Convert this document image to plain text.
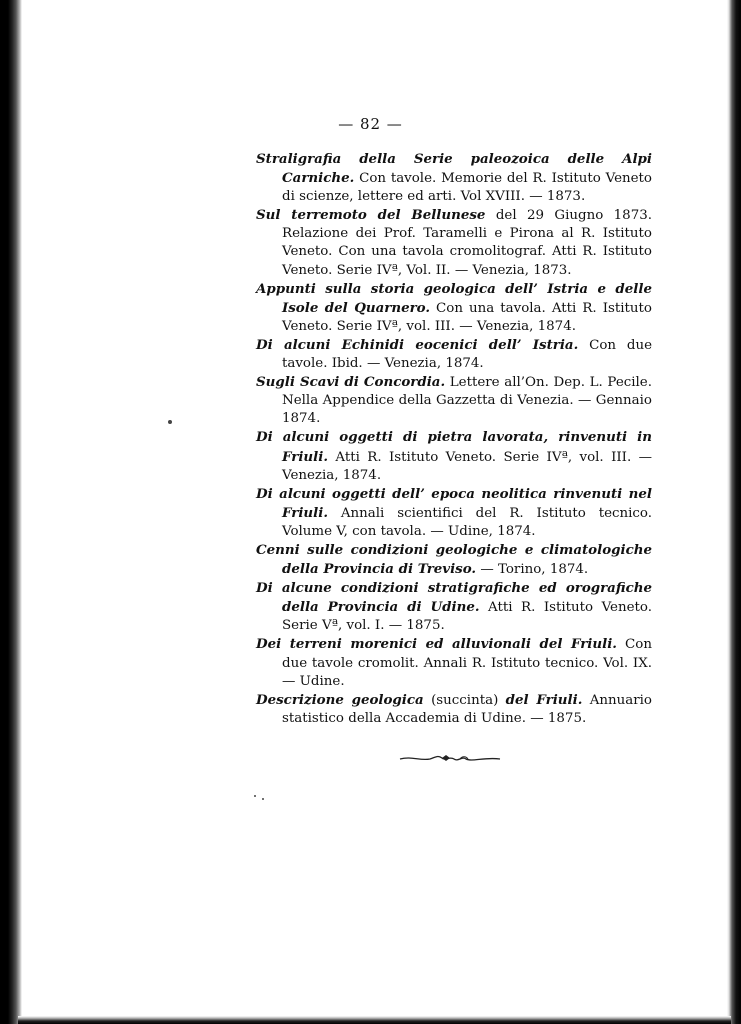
— 82 —

Straligrafia della Serie paleozoica delle Alpi Carniche. Con tavole. Memorie del R. Istituto Veneto di scienze, lettere ed arti. Vol XVIII. — 1873.

Sul terremoto del Bellunese del 29 Giugno 1873. Relazione dei Prof. Taramelli e Pirona al R. Istituto Veneto. Con una tavola cromolitograf. Atti R. Istituto Veneto. Serie IVª, Vol. II. — Venezia, 1873.

Appunti sulla storia geologica dell’ Istria e delle Isole del Quarnero. Con una tavola. Atti R. Istituto Veneto. Serie IVª, vol. III. — Venezia, 1874.

Di alcuni Echinidi eocenici dell’ Istria. Con due tavole. Ibid. — Venezia, 1874.

Sugli Scavi di Concordia. Lettere all’On. Dep. L. Pecile. Nella Appendice della Gazzetta di Venezia. — Gennaio 1874.

Di alcuni oggetti di pietra lavorata, rinvenuti in Friuli. Atti R. Istituto Veneto. Serie IVª, vol. III. — Venezia, 1874.

Di alcuni oggetti dell’ epoca neolitica rinvenuti nel Friuli. Annali scientifici del R. Istituto tecnico. Volume V, con tavola. — Udine, 1874.

Cenni sulle condizioni geologiche e climatologiche della Provincia di Treviso. — Torino, 1874.

Di alcune condizioni stratigrafiche ed orografiche della Provincia di Udine. Atti R. Istituto Veneto. Serie Vª, vol. I. — 1875.

Dei terreni morenici ed alluvionali del Friuli. Con due tavole cromolit. Annali R. Istituto tecnico. Vol. IX. — Udine.

Descrizione geologica (succinta) del Friuli. Annuario statistico della Accademia di Udine. — 1875.
